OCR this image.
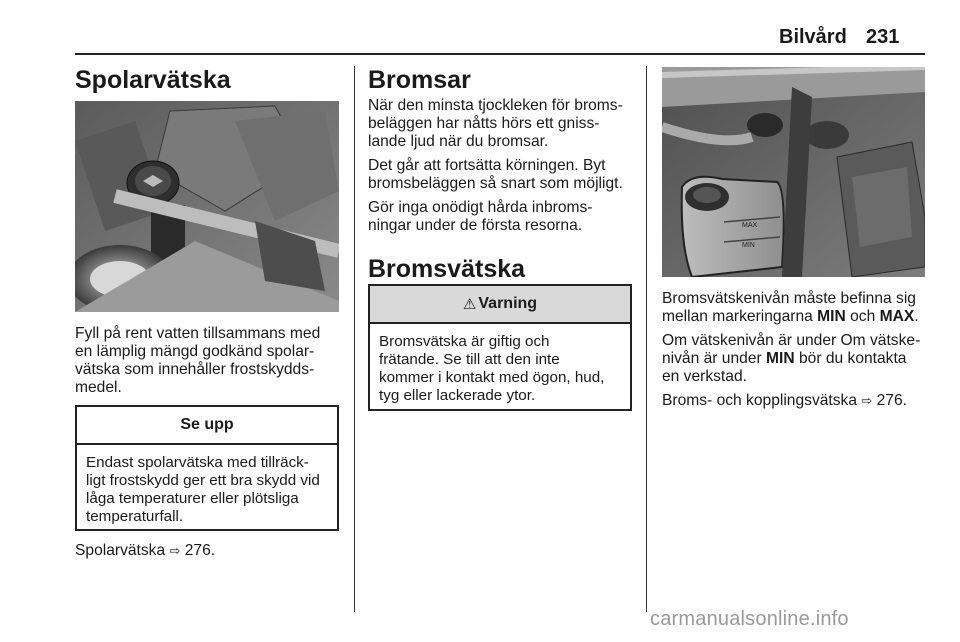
Bilvård 231
Spolarvätska
Fyll på rent vatten tillsammans med
en lämplig mängd godkänd spolar-
vätska som innehåller frostskydds-
medel.
Se upp
Endast spolarvätska med tillräck-
ligt frostskydd ger ett bra skydd vid
låga temperaturer eller plötsliga
temperaturfall.
Spolarvätska ⇨ 276.
Bromsar

När den minsta tjockleken för broms-
beläggen har nåtts hörs ett gniss-
lande ljud när du bromsar.

Det går att fortsätta körningen. Byt
bromsbeläggen så snart som möjligt.

Gör inga onödigt hårda inbroms-
ningar under de första resorna.

Bromsvätska
⚠ Varning
Bromsvätska är giftig och
frätande. Se till att den inte
kommer i kontakt med ögon, hud,
tyg eller lackerade ytor.
MAX
MIN

Bromsvätskenivån måste befinna sig
mellan markeringarna MIN och MAX.

Om vätskenivån är under Om vätske-
nivån är under MIN bör du kontakta
en verkstad.

Broms- och kopplingsvätska ⇨ 276.

carmanualsonline.info
